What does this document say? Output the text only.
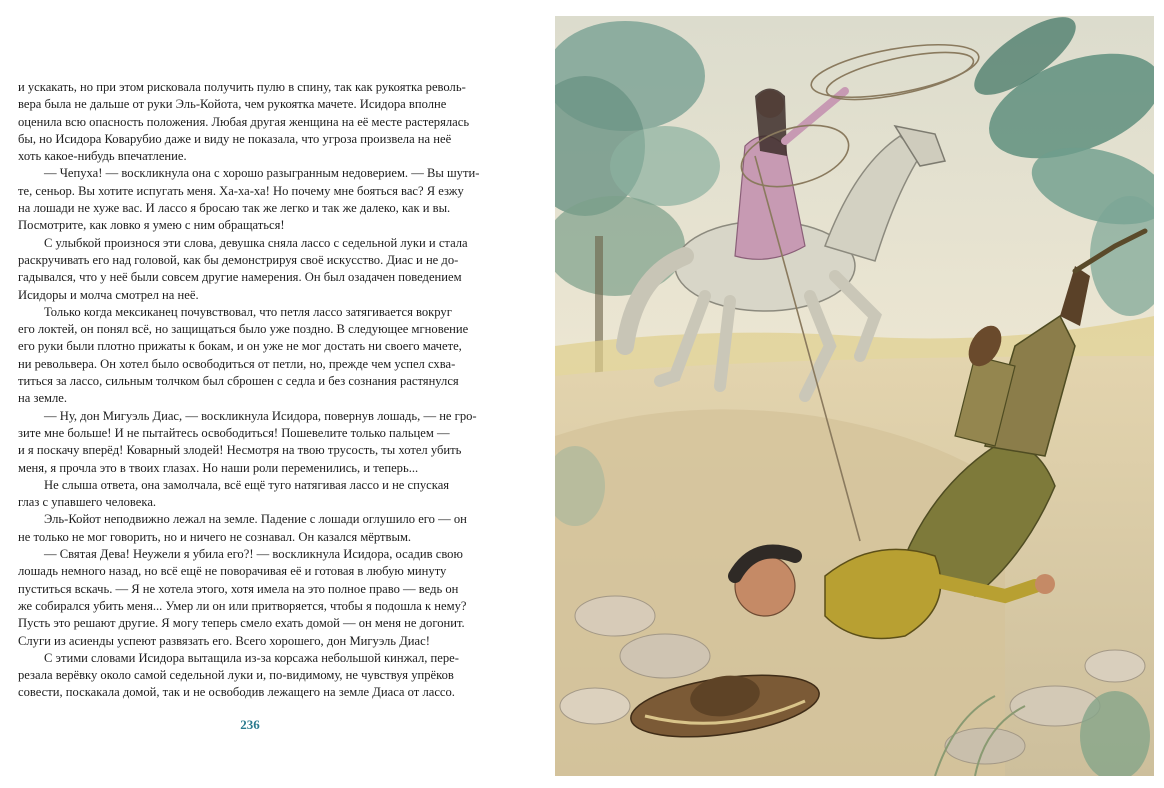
и ускакать, но при этом рисковала получить пулю в спину, так как рукоятка револь-
вера была не дальше от руки Эль-Койота, чем рукоятка мачете. Исидора вполне
оценила всю опасность положения. Любая другая женщина на её месте растерялась
бы, но Исидора Коварубио даже и виду не показала, что угроза произвела на неё
хоть какое-нибудь впечатление.

— Чепуха! — воскликнула она с хорошо разыгранным недоверием. — Вы шути-
те, сеньор. Вы хотите испугать меня. Ха-ха-ха! Но почему мне бояться вас? Я езжу
на лошади не хуже вас. И лассо я бросаю так же легко и так же далеко, как и вы.
Посмотрите, как ловко я умею с ним обращаться!

С улыбкой произнося эти слова, девушка сняла лассо с седельной луки и стала
раскручивать его над головой, как бы демонстрируя своё искусство. Диас и не до-
гадывался, что у неё были совсем другие намерения. Он был озадачен поведением
Исидоры и молча смотрел на неё.

Только когда мексиканец почувствовал, что петля лассо затягивается вокруг
его локтей, он понял всё, но защищаться было уже поздно. В следующее мгновение
его руки были плотно прижаты к бокам, и он уже не мог достать ни своего мачете,
ни револьвера. Он хотел было освободиться от петли, но, прежде чем успел схва-
титься за лассо, сильным толчком был сброшен с седла и без сознания растянулся
на земле.

— Ну, дон Мигуэль Диас, — воскликнула Исидора, повернув лошадь, — не гро-
зите мне больше! И не пытайтесь освободиться! Пошевелите только пальцем —
и я поскачу вперёд! Коварный злодей! Несмотря на твою трусость, ты хотел убить
меня, я прочла это в твоих глазах. Но наши роли переменились, и теперь...

Не слыша ответа, она замолчала, всё ещё туго натягивая лассо и не спуская
глаз с упавшего человека.

Эль-Койот неподвижно лежал на земле. Падение с лошади оглушило его — он
не только не мог говорить, но и ничего не сознавал. Он казался мёртвым.

— Святая Дева! Неужели я убила его?! — воскликнула Исидора, осадив свою
лошадь немного назад, но всё ещё не поворачивая её и готовая в любую минуту
пуститься вскачь. — Я не хотела этого, хотя имела на это полное право — ведь он
же собирался убить меня... Умер ли он или притворяется, чтобы я подошла к нему?
Пусть это решают другие. Я могу теперь смело ехать домой — он меня не догонит.
Слуги из асиенды успеют развязать его. Всего хорошего, дон Мигуэль Диас!

С этими словами Исидора вытащила из-за корсажа небольшой кинжал, пере-
резала верёвку около самой седельной луки и, по-видимому, не чувствуя упрёков
совести, поскакала домой, так и не освободив лежащего на земле Диаса от лассо.

236
